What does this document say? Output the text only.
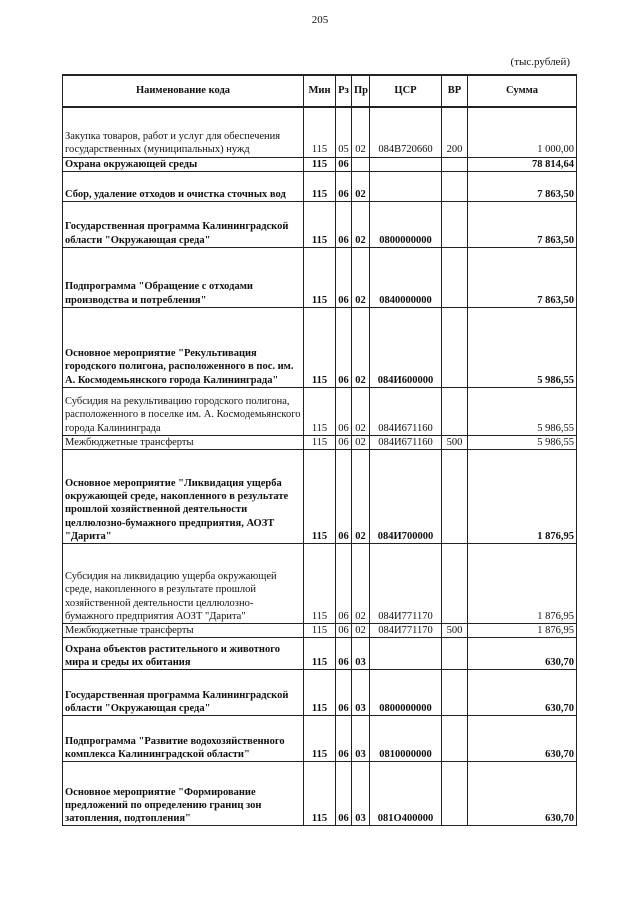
205
(тыс.рублей)
Наименование кода	Мин	Рз	Пр	ЦСР	ВР	Сумма
Закупка товаров, работ и услуг для обеспечения государственных (муниципальных) нужд	115	05	02	084В720660	200	1 000,00
Охрана окружающей среды	115	06				78 814,64
Сбор, удаление отходов и очистка сточных вод	115	06	02			7 863,50
Государственная программа Калининградской области "Окружающая среда"	115	06	02	0800000000		7 863,50
Подпрограмма "Обращение с отходами производства и потребления"	115	06	02	0840000000		7 863,50
Основное мероприятие "Рекультивация городского полигона, расположенного в пос. им. А. Космодемьянского города Калининграда"	115	06	02	084И600000		5 986,55
Субсидия на рекультивацию городского полигона, расположенного в поселке им. А. Космодемьянского города Калининграда	115	06	02	084И671160		5 986,55
Межбюджетные трансферты	115	06	02	084И671160	500	5 986,55
Основное мероприятие "Ликвидация ущерба окружающей среде, накопленного в результате прошлой хозяйственной деятельности целлюлозно-бумажного предприятия, АОЗТ "Дарита"	115	06	02	084И700000		1 876,95
Субсидия на ликвидацию ущерба окружающей среде, накопленного в результате прошлой хозяйственной деятельности целлюлозно-бумажного предприятия АОЗТ "Дарита"	115	06	02	084И771170		1 876,95
Межбюджетные трансферты	115	06	02	084И771170	500	1 876,95
Охрана объектов растительного и животного мира и среды их обитания	115	06	03			630,70
Государственная программа Калининградской области "Окружающая среда"	115	06	03	0800000000		630,70
Подпрограмма "Развитие водохозяйственного комплекса Калининградской области"	115	06	03	0810000000		630,70
Основное мероприятие "Формирование предложений по определению границ зон затопления, подтопления"	115	06	03	081О400000		630,70
